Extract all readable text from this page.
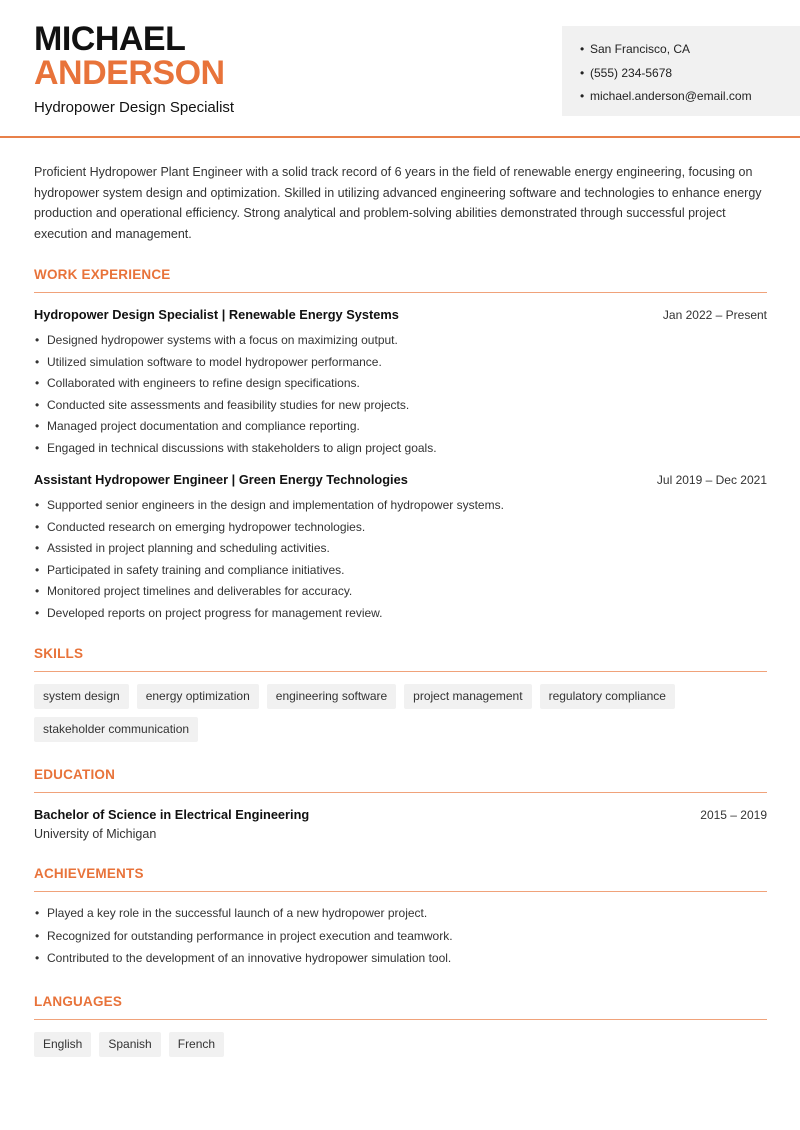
MICHAEL
ANDERSON
Hydropower Design Specialist
• San Francisco, CA
• (555) 234-5678
• michael.anderson@email.com

Proficient Hydropower Plant Engineer with a solid track record of 6 years in the field of renewable energy engineering, focusing on hydropower system design and optimization. Skilled in utilizing advanced engineering software and technologies to enhance energy production and operational efficiency. Strong analytical and problem-solving abilities demonstrated through successful project execution and management.

WORK EXPERIENCE
Hydropower Design Specialist | Renewable Energy Systems	Jan 2022 – Present
• Designed hydropower systems with a focus on maximizing output.
• Utilized simulation software to model hydropower performance.
• Collaborated with engineers to refine design specifications.
• Conducted site assessments and feasibility studies for new projects.
• Managed project documentation and compliance reporting.
• Engaged in technical discussions with stakeholders to align project goals.
Assistant Hydropower Engineer | Green Energy Technologies	Jul 2019 – Dec 2021
• Supported senior engineers in the design and implementation of hydropower systems.
• Conducted research on emerging hydropower technologies.
• Assisted in project planning and scheduling activities.
• Participated in safety training and compliance initiatives.
• Monitored project timelines and deliverables for accuracy.
• Developed reports on project progress for management review.
SKILLS
system design	energy optimization	engineering software	project management	regulatory compliance
stakeholder communication
EDUCATION
Bachelor of Science in Electrical Engineering	2015 – 2019
University of Michigan
ACHIEVEMENTS
• Played a key role in the successful launch of a new hydropower project.
• Recognized for outstanding performance in project execution and teamwork.
• Contributed to the development of an innovative hydropower simulation tool.
LANGUAGES
English	Spanish	French
